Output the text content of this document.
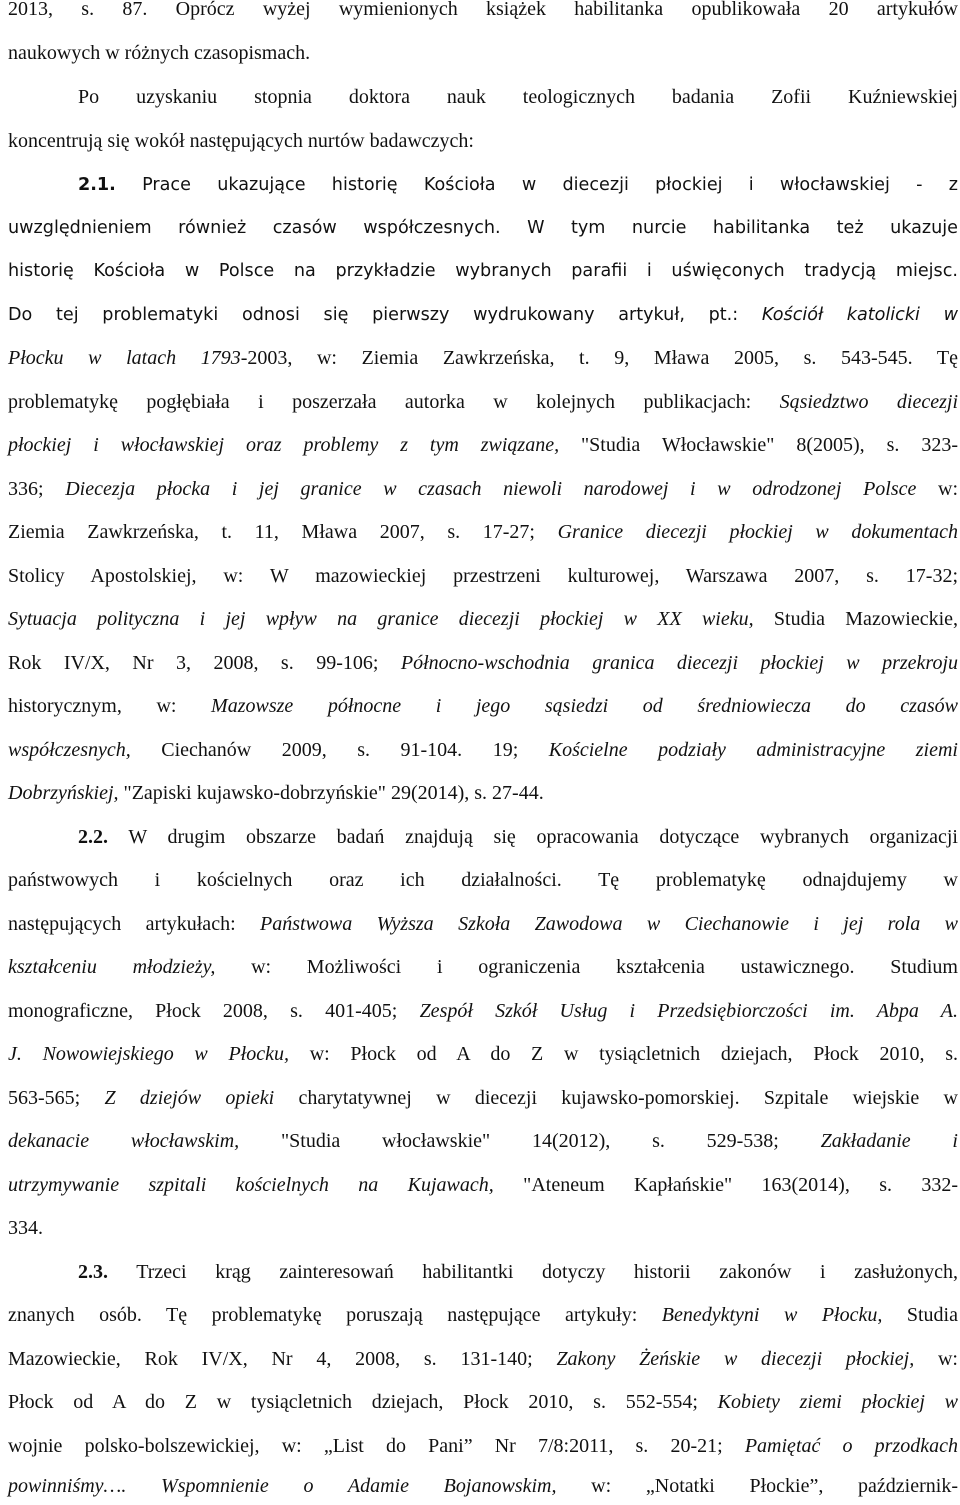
2013, s. 87. Oprócz wyżej wymienionych książek habilitanka opublikowała 20 artykułów
naukowych w różnych czasopismach.
Po uzyskaniu stopnia doktora nauk teologicznych badania Zofii Kuźniewskiej
koncentrują się wokół następujących nurtów badawczych:
2.1. Prace ukazujące historię Kościoła w diecezji płockiej i włocławskiej - z
uwzględnieniem również czasów współczesnych. W tym nurcie habilitanka też ukazuje
historię Kościoła w Polsce na przykładzie wybranych parafii i uświęconych tradycją miejsc.
Do tej problematyki odnosi się pierwszy wydrukowany artykuł, pt.: Kościół katolicki w
Płocku w latach 1793-2003, w: Ziemia Zawkrzeńska, t. 9, Mława 2005, s. 543-545. Tę
problematykę pogłębiała i poszerzała autorka w kolejnych publikacjach: Sąsiedztwo diecezji
płockiej i włocławskiej oraz problemy z tym związane, "Studia Włocławskie" 8(2005), s. 323-
336; Diecezja płocka i jej granice w czasach niewoli narodowej i w odrodzonej Polsce w:
Ziemia Zawkrzeńska, t. 11, Mława 2007, s. 17-27; Granice diecezji płockiej w dokumentach
Stolicy Apostolskiej, w: W mazowieckiej przestrzeni kulturowej, Warszawa 2007, s. 17-32;
Sytuacja polityczna i jej wpływ na granice diecezji płockiej w XX wieku, Studia Mazowieckie,
Rok IV/X, Nr 3, 2008, s. 99-106; Północno-wschodnia granica diecezji płockiej w przekroju
historycznym, w: Mazowsze północne i jego sąsiedzi od średniowiecza do czasów
współczesnych, Ciechanów 2009, s. 91-104. 19; Kościelne podziały administracyjne ziemi
Dobrzyńskiej, "Zapiski kujawsko-dobrzyńskie" 29(2014), s. 27-44.
2.2. W drugim obszarze badań znajdują się opracowania dotyczące wybranych organizacji
państwowych i kościelnych oraz ich działalności. Tę problematykę odnajdujemy w
następujących artykułach: Państwowa Wyższa Szkoła Zawodowa w Ciechanowie i jej rola w
kształceniu młodzieży, w: Możliwości i ograniczenia kształcenia ustawicznego. Studium
monograficzne, Płock 2008, s. 401-405; Zespół Szkół Usług i Przedsiębiorczości im. Abpa A.
J. Nowowiejskiego w Płocku, w: Płock od A do Z w tysiącletnich dziejach, Płock 2010, s.
563-565; Z dziejów opieki charytatywnej w diecezji kujawsko-pomorskiej. Szpitale wiejskie w
dekanacie włocławskim, "Studia włocławskie" 14(2012), s. 529-538; Zakładanie i
utrzymywanie szpitali kościelnych na Kujawach, "Ateneum Kapłańskie" 163(2014), s. 332-
334.
2.3. Trzeci krąg zainteresowań habilitantki dotyczy historii zakonów i zasłużonych,
znanych osób. Tę problematykę poruszają następujące artykuły: Benedyktyni w Płocku, Studia
Mazowieckie, Rok IV/X, Nr 4, 2008, s. 131-140; Zakony Żeńskie w diecezji płockiej, w:
Płock od A do Z w tysiącletnich dziejach, Płock 2010, s. 552-554; Kobiety ziemi płockiej w
wojnie polsko-bolszewickiej, w: „List do Pani” Nr 7/8:2011, s. 20-21; Pamiętać o przodkach
powinniśmy…. Wspomnienie o Adamie Bojanowskim, w: „Notatki Płockie”, październik-
